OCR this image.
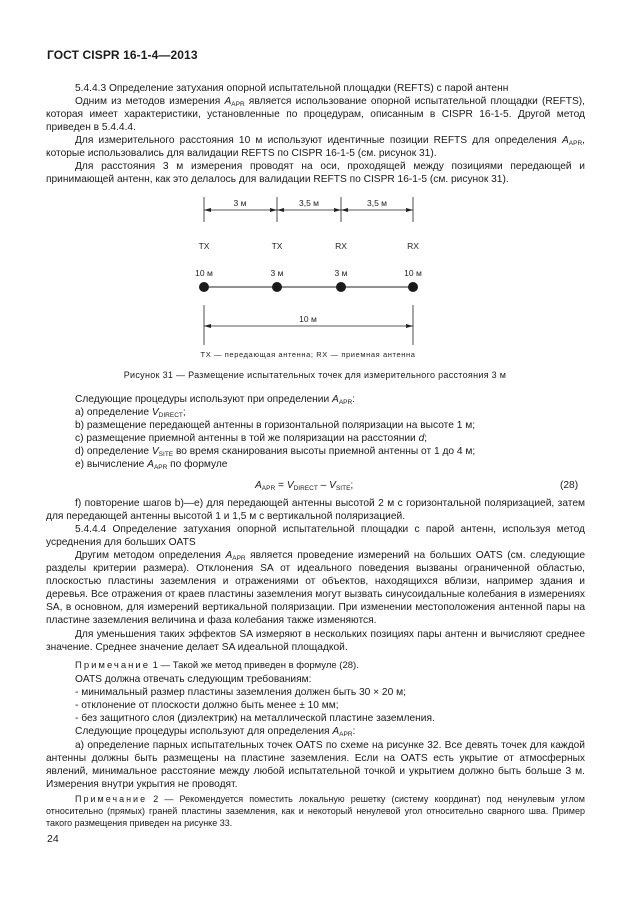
ГОСТ CISPR 16-1-4—2013
5.4.4.3 Определение затухания опорной испытательной площадки (REFTS) с парой антенн
Одним из методов измерения $A_{APR}$ является использование опорной испытательной площадки (REFTS), которая имеет характеристики, установленные по процедурам, описанным в CISPR 16-1-5. Другой метод приведен в 5.4.4.4.
Для измерительного расстояния 10 м используют идентичные позиции REFTS для определения $A_{APR}$, которые использовались для валидации REFTS по CISPR 16-1-5 (см. рисунок 31).
Для расстояния 3 м измерения проводят на оси, проходящей между позициями передающей и принимающей антенн, как это делалось для валидации REFTS по CISPR 16-1-5 (см. рисунок 31).
3 м	3,5 м	3,5 м
TX	TX	RX	RX
10 м	3 м	3 м	10 м
10 м
TX — передающая антенна; RX — приемная антенна
Рисунок 31 — Размещение испытательных точек для измерительного расстояния 3 м
Следующие процедуры используют при определении $A_{APR}$:
а) определение $V_{DIRECT}$;
b) размещение передающей антенны в горизонтальной поляризации на высоте 1 м;
c) размещение приемной антенны в той же поляризации на расстоянии d;
d) определение $V_{SITE}$ во время сканирования высоты приемной антенны от 1 до 4 м;
e) вычисление $A_{APR}$ по формуле
$A_{APR} = V_{DIRECT} - V_{SITE}$;	(28)
f) повторение шагов b)—e) для передающей антенны высотой 2 м с горизонтальной поляризацией, затем для передающей антенны высотой 1 и 1,5 м с вертикальной поляризацией.
5.4.4.4 Определение затухания опорной испытательной площадки с парой антенн, используя метод усреднения для больших OATS
Другим методом определения $A_{APR}$ является проведение измерений на больших OATS (см. следующие разделы критерии размера). Отклонения SA от идеального поведения вызваны ограниченной областью, плоскостью пластины заземления и отражениями от объектов, находящихся вблизи, например здания и деревья. Все отражения от краев пластины заземления могут вызвать синусоидальные колебания в измерениях SA, в основном, для измерений вертикальной поляризации. При изменении местоположения антенной пары на пластине заземления величина и фаза колебания также изменяются.
Для уменьшения таких эффектов SA измеряют в нескольких позициях пары антенн и вычисляют среднее значение. Среднее значение делает SA идеальной площадкой.
Примечание 1 — Такой же метод приведен в формуле (28).
OATS должна отвечать следующим требованиям:
- минимальный размер пластины заземления должен быть 30 × 20 м;
- отклонение от плоскости должно быть менее ± 10 мм;
- без защитного слоя (диэлектрик) на металлической пластине заземления.
Следующие процедуры используют для определения $A_{APR}$:
а) определение парных испытательных точек OATS по схеме на рисунке 32. Все девять точек для каждой антенны должны быть размещены на пластине заземления. Если на OATS есть укрытие от атмосферных явлений, минимальное расстояние между любой испытательной точкой и укрытием должно быть больше 3 м. Измерения внутри укрытия не проводят.
Примечание 2 — Рекомендуется поместить локальную решетку (систему координат) под ненулевым углом относительно (прямых) граней пластины заземления, как и некоторый ненулевой угол относительно сварного шва. Пример такого размещения приведен на рисунке 33.
24
